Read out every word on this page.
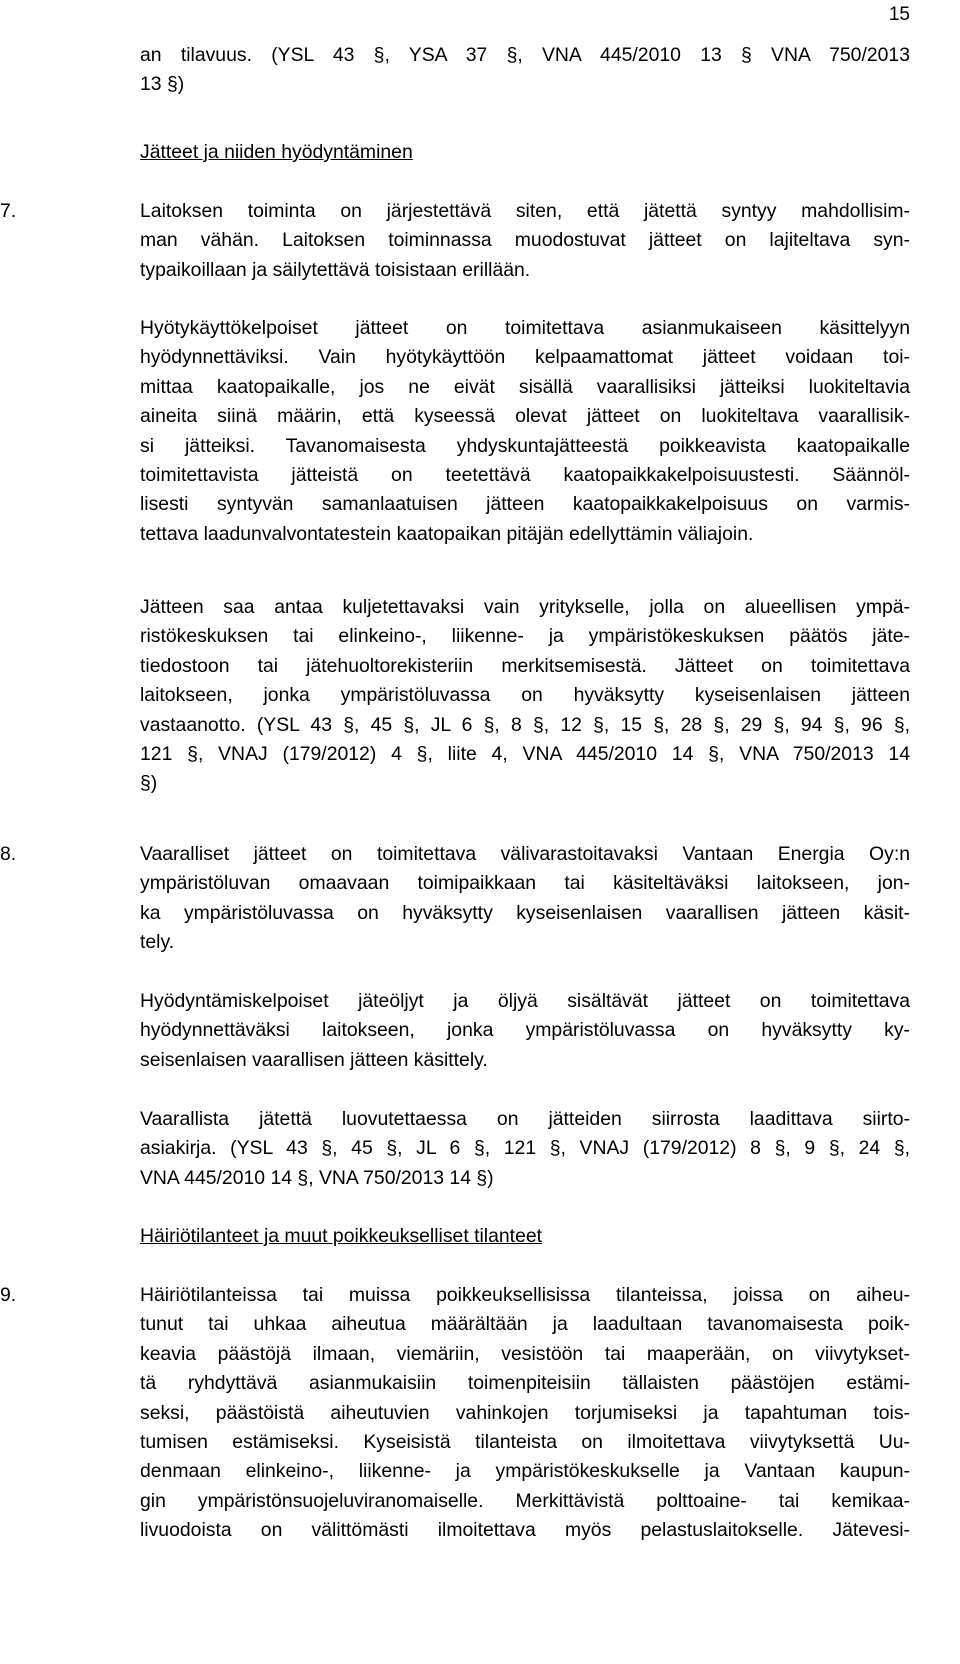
15
an tilavuus. (YSL 43 §, YSA 37 §, VNA 445/2010 13 § VNA 750/2013
13 §)
Jätteet ja niiden hyödyntäminen
7.	Laitoksen toiminta on järjestettävä siten, että jätettä syntyy mahdollisim-
man vähän. Laitoksen toiminnassa muodostuvat jätteet on lajiteltava syn-
typaikoillaan ja säilytettävä toisistaan erillään.
Hyötykäyttökelpoiset jätteet on toimitettava asianmukaiseen käsittelyyn
hyödynnettäviksi. Vain hyötykäyttöön kelpaamattomat jätteet voidaan toi-
mittaa kaatopaikalle, jos ne eivät sisällä vaarallisiksi jätteiksi luokiteltavia
aineita siinä määrin, että kyseessä olevat jätteet on luokiteltava vaarallisik-
si jätteiksi. Tavanomaisesta yhdyskuntajätteestä poikkeavista kaatopaikalle
toimitettavista jätteistä on teetettävä kaatopaikkakelpoisuustesti. Säännöl-
lisesti syntyvän samanlaatuisen jätteen kaatopaikkakelpoisuus on varmis-
tettava laadunvalvontatestein kaatopaikan pitäjän edellyttämin väliajoin.
Jätteen saa antaa kuljetettavaksi vain yritykselle, jolla on alueellisen ympä-
ristökeskuksen tai elinkeino-, liikenne- ja ympäristökeskuksen päätös jäte-
tiedostoon tai jätehuoltorekisteriin merkitsemisestä. Jätteet on toimitettava
laitokseen, jonka ympäristöluvassa on hyväksytty kyseisenlaisen jätteen
vastaanotto. (YSL 43 §, 45 §, JL 6 §, 8 §, 12 §, 15 §, 28 §, 29 §, 94 §, 96 §,
121 §, VNAJ (179/2012) 4 §, liite 4, VNA 445/2010 14 §, VNA 750/2013 14
§)
8.	Vaaralliset jätteet on toimitettava välivarastoitavaksi Vantaan Energia Oy:n
ympäristöluvan omaavaan toimipaikkaan tai käsiteltäväksi laitokseen, jon-
ka ympäristöluvassa on hyväksytty kyseisenlaisen vaarallisen jätteen käsit-
tely.
Hyödyntämiskelpoiset jäteöljyt ja öljyä sisältävät jätteet on toimitettava
hyödynnettäväksi laitokseen, jonka ympäristöluvassa on hyväksytty ky-
seisenlaisen vaarallisen jätteen käsittely.
Vaarallista jätettä luovutettaessa on jätteiden siirrosta laadittava siirto-
asiakirja. (YSL 43 §, 45 §, JL 6 §, 121 §, VNAJ (179/2012) 8 §, 9 §, 24 §,
VNA 445/2010 14 §, VNA 750/2013 14 §)
Häiriötilanteet ja muut poikkeukselliset tilanteet
9.	Häiriötilanteissa tai muissa poikkeuksellisissa tilanteissa, joissa on aiheu-
tunut tai uhkaa aiheutua määrältään ja laadultaan tavanomaisesta poik-
keavia päästöjä ilmaan, viemäriin, vesistöön tai maaperään, on viivytykset-
tä ryhdyttävä asianmukaisiin toimenpiteisiin tällaisten päästöjen estämi-
seksi, päästöistä aiheutuvien vahinkojen torjumiseksi ja tapahtuman tois-
tumisen estämiseksi. Kyseisistä tilanteista on ilmoitettava viivytyksettä Uu-
denmaan elinkeino-, liikenne- ja ympäristökeskukselle ja Vantaan kaupun-
gin ympäristönsuojeluviranomaiselle. Merkittävistä polttoaine- tai kemikaa-
livuodoista on välittömästi ilmoitettava myös pelastuslaitokselle. Jätevesi-
